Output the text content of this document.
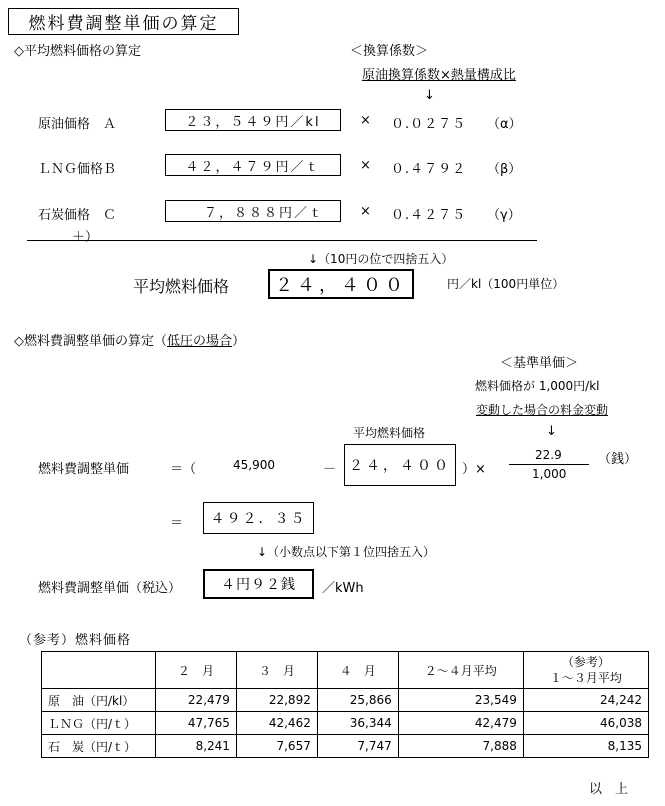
燃料費調整単価の算定
◇平均燃料価格の算定	＜換算係数＞
原油換算係数×熱量構成比
↓
原油価格　Ａ	２３，５４９円／kl	× ０.０２７５ （α）
ＬＮＧ価格Ｂ	４２，４７９円／ｔ	× ０.４７９２ （β）
石炭価格　Ｃ	７，８８８円／ｔ	× ０.４２７５ （γ）
＋）
↓（10円の位で四捨五入）
平均燃料価格	２４，４００	円／kl（100円単位）
◇燃料費調整単価の算定（低圧の場合）
＜基準単価＞
燃料価格が 1,000円/kl
変動した場合の料金変動
↓
平均燃料価格
燃料費調整単価	＝（	45,900	－ ２４，４００ ）×
22.9
1,000
（銭）
＝	４９２．３５
↓（小数点以下第１位四捨五入）
燃料費調整単価（税込）	４円９２銭	／kWh
（参考）燃料価格
	２　月	３　月	４　月	２～４月平均	（参考）
１～３月平均

原　油（円/kl）	22,479	22,892	25,866	23,549	24,242
ＬＮＧ（円/ｔ）	47,765	42,462	36,344	42,479	46,038
石　炭（円/ｔ）	8,241	7,657	7,747	7,888	8,135
以　上
